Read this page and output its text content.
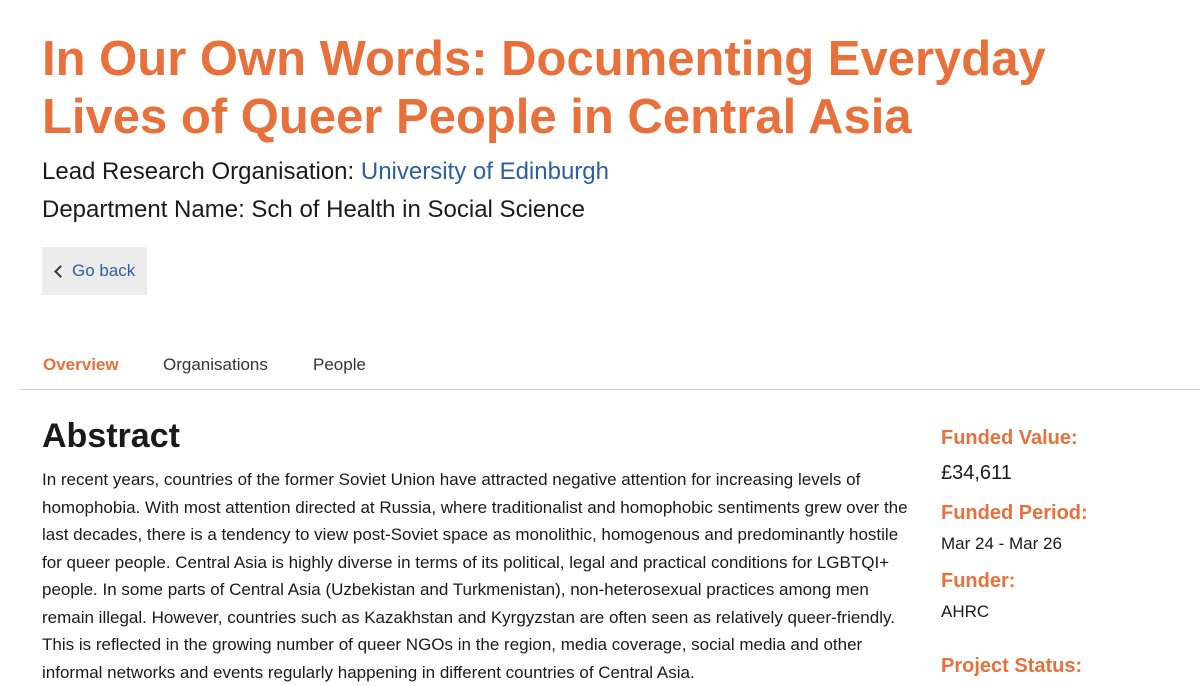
In Our Own Words: Documenting Everyday Lives of Queer People in Central Asia
Lead Research Organisation: University of Edinburgh
Department Name: Sch of Health in Social Science
Go back
Overview	Organisations	People
Abstract

In recent years, countries of the former Soviet Union have attracted negative attention for increasing levels of homophobia. With most attention directed at Russia, where traditionalist and homophobic sentiments grew over the last decades, there is a tendency to view post-Soviet space as monolithic, homogenous and predominantly hostile for queer people. Central Asia is highly diverse in terms of its political, legal and practical conditions for LGBTQI+ people. In some parts of Central Asia (Uzbekistan and Turkmenistan), non-heterosexual practices among men remain illegal. However, countries such as Kazakhstan and Kyrgyzstan are often seen as relatively queer-friendly. This is reflected in the growing number of queer NGOs in the region, media coverage, social media and other informal networks and events regularly happening in different countries of Central Asia.

Funded Value:
£34,611
Funded Period:
Mar 24 - Mar 26
Funder:
AHRC
Project Status:
